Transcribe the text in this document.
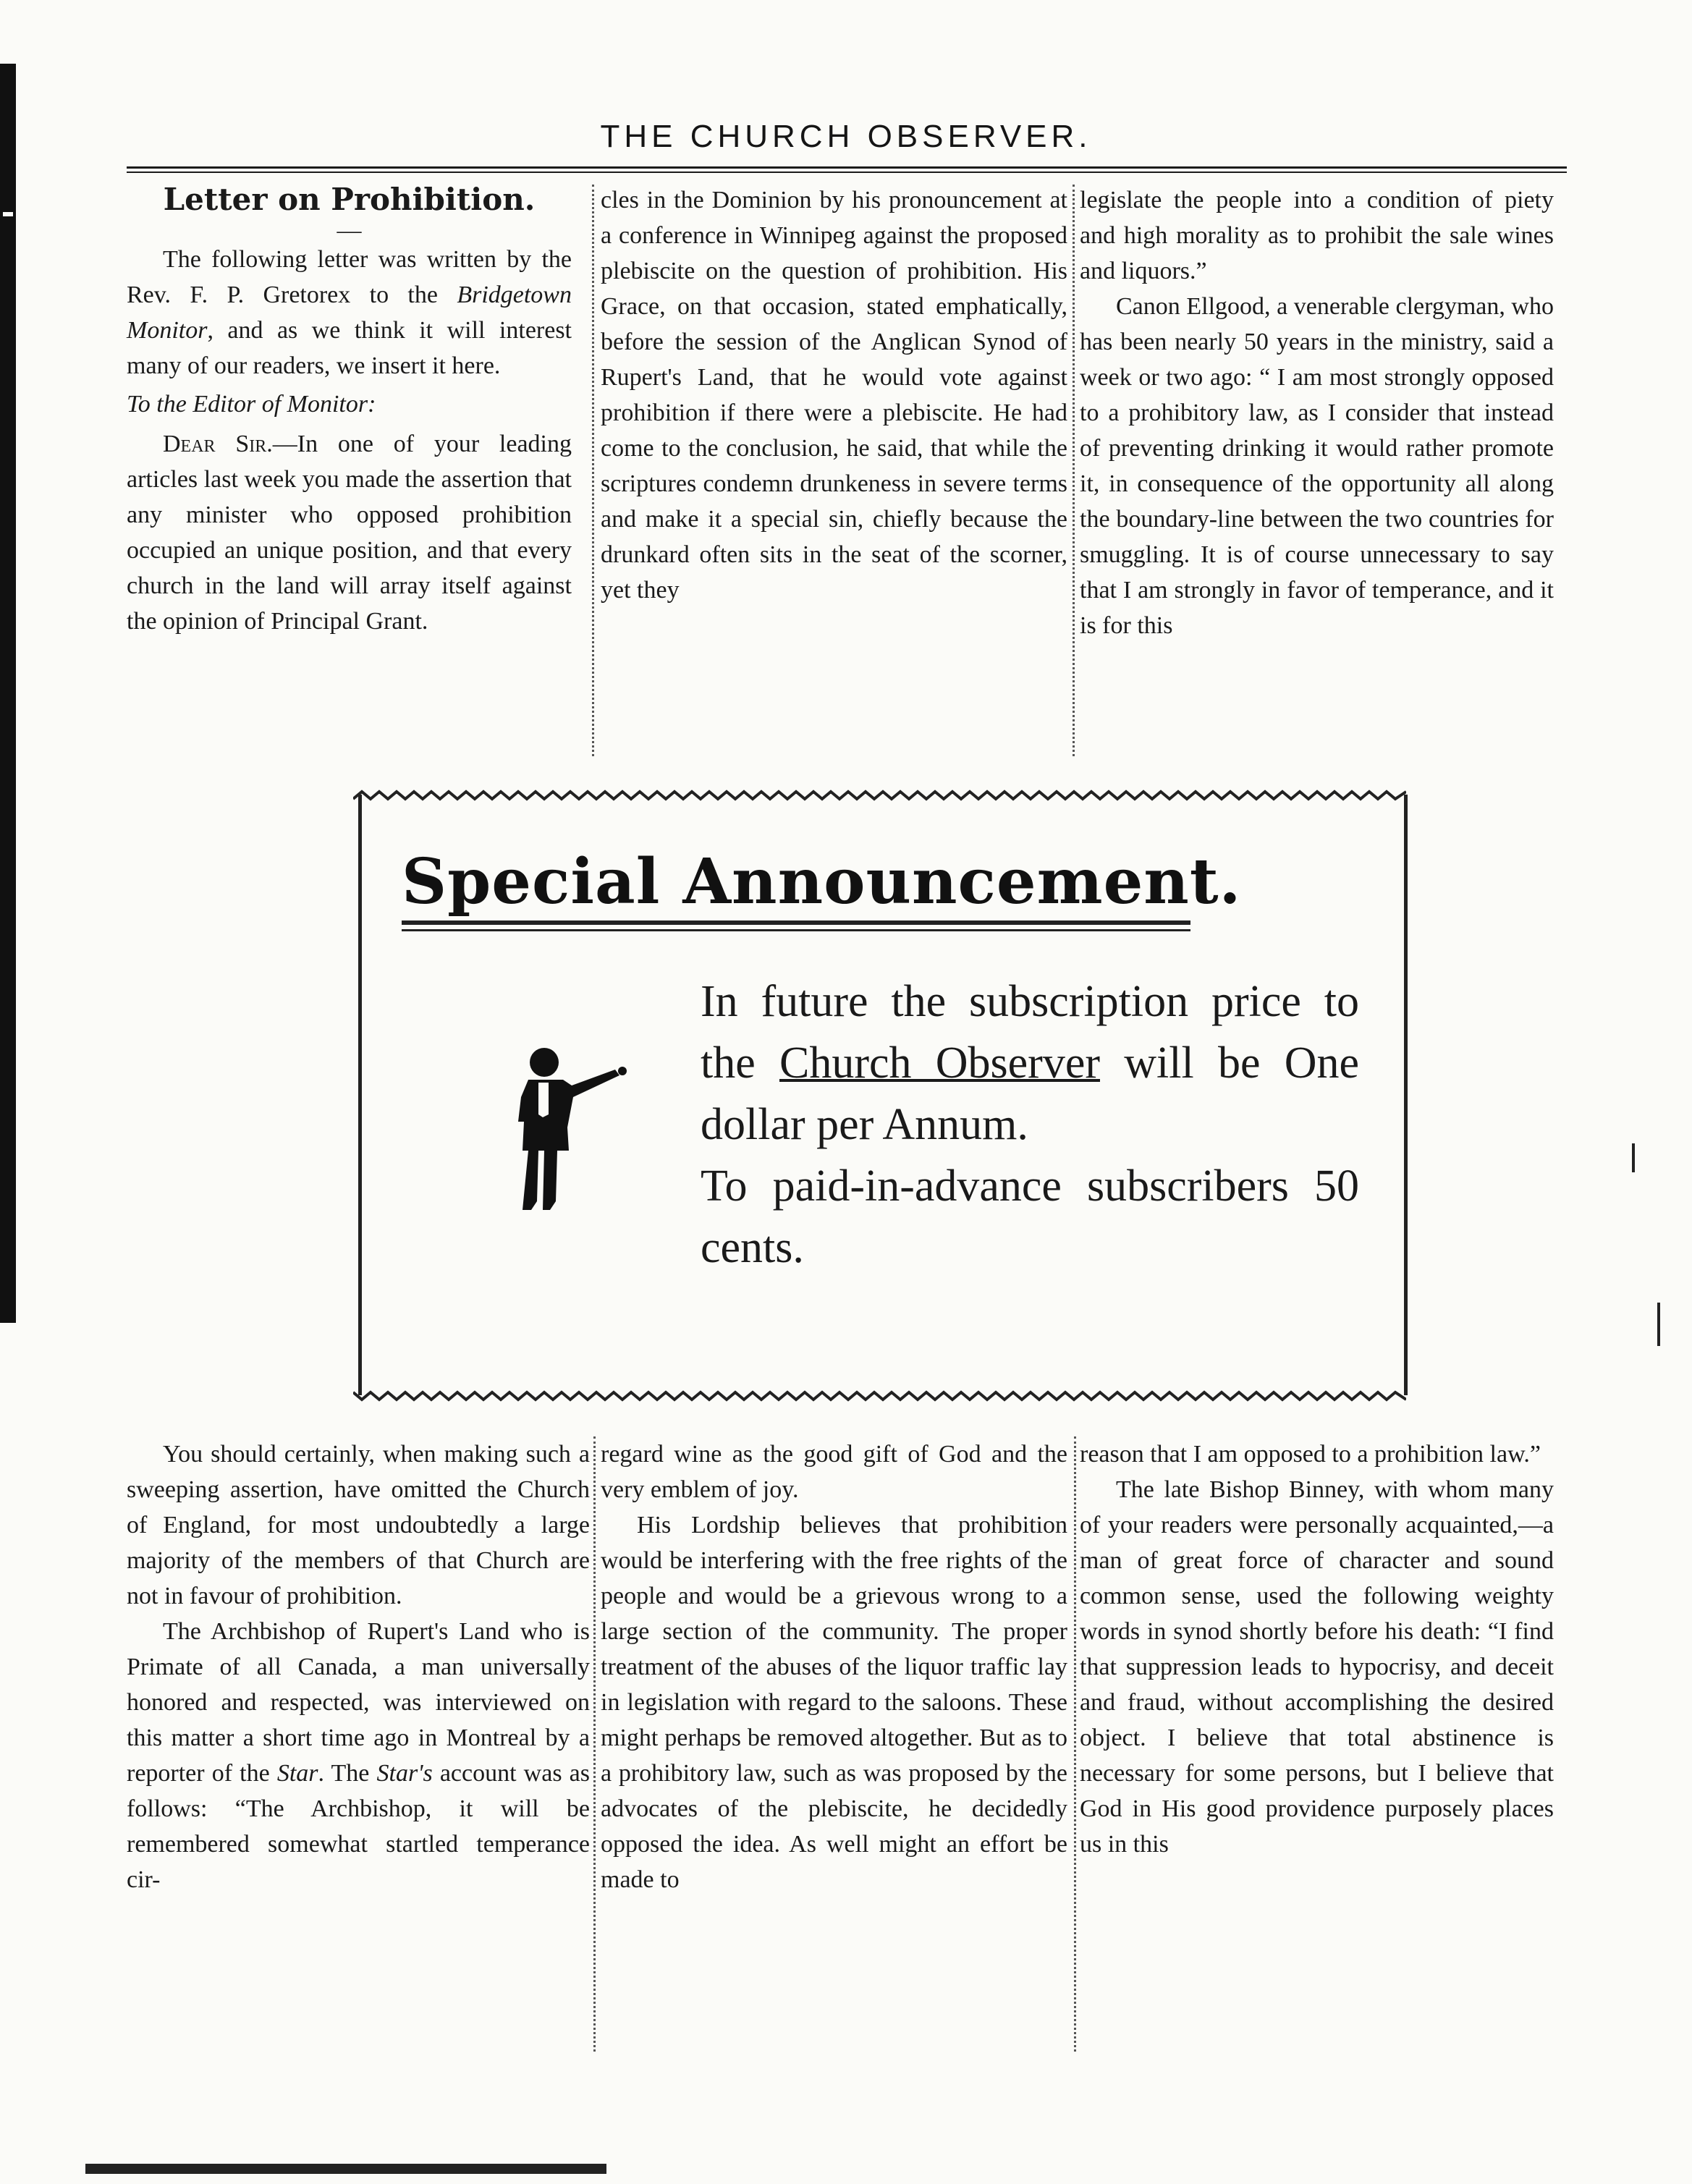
THE CHURCH OBSERVER.

Letter on Prohibition.

—

The following letter was written by the Rev. F. P. Gretorex to the Bridgetown Monitor, and as we think it will interest many of our readers, we insert it here.

To the Editor of Monitor:

Dear Sir.—In one of your leading articles last week you made the assertion that any minister who opposed prohibition occupied an unique position, and that every church in the land will array itself against the opinion of Principal Grant.

cles in the Dominion by his pronouncement at a conference in Winnipeg against the proposed plebiscite on the question of prohibition. His Grace, on that occasion, stated emphatically, before the session of the Anglican Synod of Rupert's Land, that he would vote against prohibition if there were a plebiscite. He had come to the conclusion, he said, that while the scriptures condemn drunkeness in severe terms and make it a special sin, chiefly because the drunkard often sits in the seat of the scorner, yet they

legislate the people into a condition of piety and high morality as to prohibit the sale wines and liquors.”

Canon Ellgood, a venerable clergyman, who has been nearly 50 years in the ministry, said a week or two ago: “ I am most strongly opposed to a prohibitory law, as I consider that instead of preventing drinking it would rather promote it, in consequence of the opportunity all along the boundary-line between the two countries for smuggling. It is of course unnecessary to say that I am strongly in favor of temperance, and it is for this

Special Announcement.

In future the subscription price to the Church Observer will be One dollar per Annum.

To paid-in-advance subscribers 50 cents.

You should certainly, when making such a sweeping assertion, have omitted the Church of England, for most undoubtedly a large majority of the members of that Church are not in favour of prohibition.

The Archbishop of Rupert's Land who is Primate of all Canada, a man universally honored and respected, was interviewed on this matter a short time ago in Montreal by a reporter of the Star. The Star's account was as follows: “The Archbishop, it will be remembered somewhat startled temperance cir-

regard wine as the good gift of God and the very emblem of joy.

His Lordship believes that prohibition would be interfering with the free rights of the people and would be a grievous wrong to a large section of the community. The proper treatment of the abuses of the liquor traffic lay in legislation with regard to the saloons. These might perhaps be removed altogether. But as to a prohibitory law, such as was proposed by the advocates of the plebiscite, he decidedly opposed the idea. As well might an effort be made to

reason that I am opposed to a prohibition law.”

The late Bishop Binney, with whom many of your readers were personally acquainted,—a man of great force of character and sound common sense, used the following weighty words in synod shortly before his death: “I find that suppression leads to hypocrisy, and deceit and fraud, without accomplishing the desired object. I believe that total abstinence is necessary for some persons, but I believe that God in His good providence purposely places us in this
